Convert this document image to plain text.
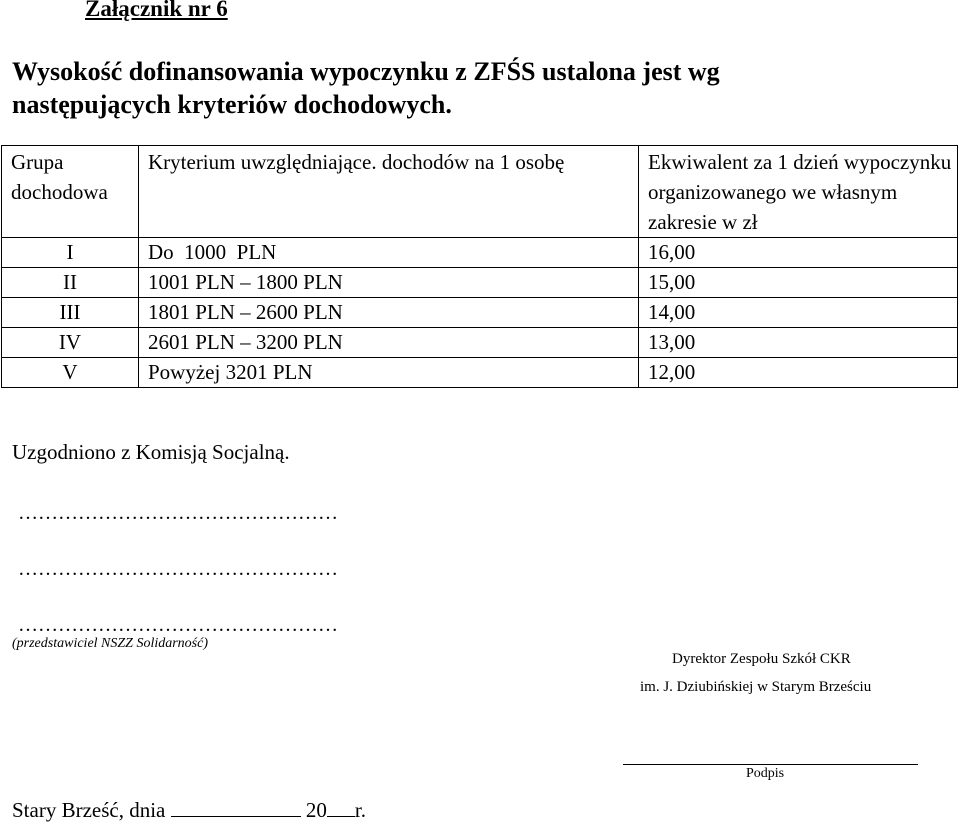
Załącznik nr 6
Wysokość dofinansowania wypoczynku z ZFŚS ustalona jest wg następujących kryteriów dochodowych.
Grupa dochodowa	Kryterium uwzględniające. dochodów na 1 osobę	Ekwiwalent za 1 dzień wypoczynku organizowanego we własnym zakresie w zł
I	Do  1000  PLN	16,00
II	1001 PLN – 1800 PLN	15,00
III	1801 PLN – 2600 PLN	14,00
IV	2601 PLN – 3200 PLN	13,00
V	Powyżej 3201 PLN	12,00
Uzgodniono z Komisją Socjalną.
…………………………………………
…………………………………………
…………………………………………
(przedstawiciel NSZZ Solidarność)
Dyrektor Zespołu Szkół CKR
im. J. Dziubińskiej w Starym Brześciu
Podpis
Stary Brześć, dnia	20 r.
